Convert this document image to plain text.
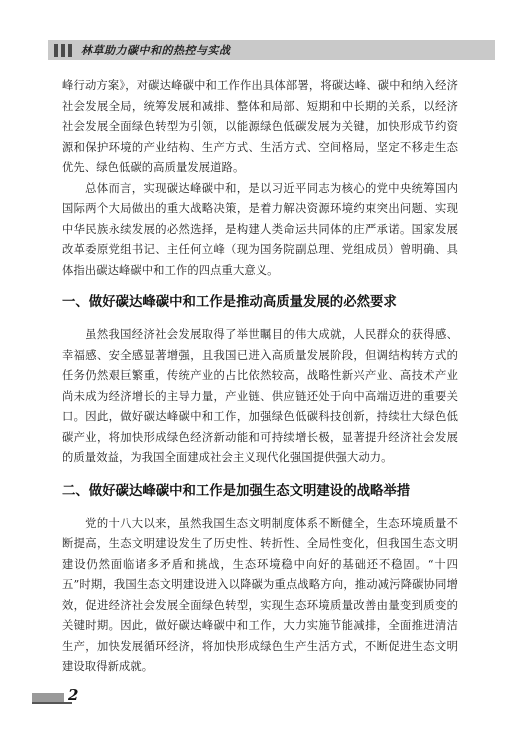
林草助力碳中和的热控与实战

峰行动方案》，对碳达峰碳中和工作作出具体部署，将碳达峰、碳中和纳入经济社会发展全局，统筹发展和减排、整体和局部、短期和中长期的关系，以经济社会发展全面绿色转型为引领，以能源绿色低碳发展为关键，加快形成节约资源和保护环境的产业结构、生产方式、生活方式、空间格局，坚定不移走生态优先、绿色低碳的高质量发展道路。

总体而言，实现碳达峰碳中和，是以习近平同志为核心的党中央统筹国内国际两个大局做出的重大战略决策，是着力解决资源环境约束突出问题、实现中华民族永续发展的必然选择，是构建人类命运共同体的庄严承诺。国家发展改革委原党组书记、主任何立峰（现为国务院副总理、党组成员）曾明确、具体指出碳达峰碳中和工作的四点重大意义。

一、做好碳达峰碳中和工作是推动高质量发展的必然要求

虽然我国经济社会发展取得了举世瞩目的伟大成就，人民群众的获得感、幸福感、安全感显著增强，且我国已进入高质量发展阶段，但调结构转方式的任务仍然艰巨繁重，传统产业的占比依然较高，战略性新兴产业、高技术产业尚未成为经济增长的主导力量，产业链、供应链还处于向中高端迈进的重要关口。因此，做好碳达峰碳中和工作，加强绿色低碳科技创新，持续壮大绿色低碳产业，将加快形成绿色经济新动能和可持续增长极，显著提升经济社会发展的质量效益，为我国全面建成社会主义现代化强国提供强大动力。

二、做好碳达峰碳中和工作是加强生态文明建设的战略举措

党的十八大以来，虽然我国生态文明制度体系不断健全，生态环境质量不断提高，生态文明建设发生了历史性、转折性、全局性变化，但我国生态文明建设仍然面临诸多矛盾和挑战，生态环境稳中向好的基础还不稳固。“十四五”时期，我国生态文明建设进入以降碳为重点战略方向，推动减污降碳协同增效，促进经济社会发展全面绿色转型，实现生态环境质量改善由量变到质变的关键时期。因此，做好碳达峰碳中和工作，大力实施节能减排，全面推进清洁生产，加快发展循环经济，将加快形成绿色生产生活方式，不断促进生态文明建设取得新成就。

2
